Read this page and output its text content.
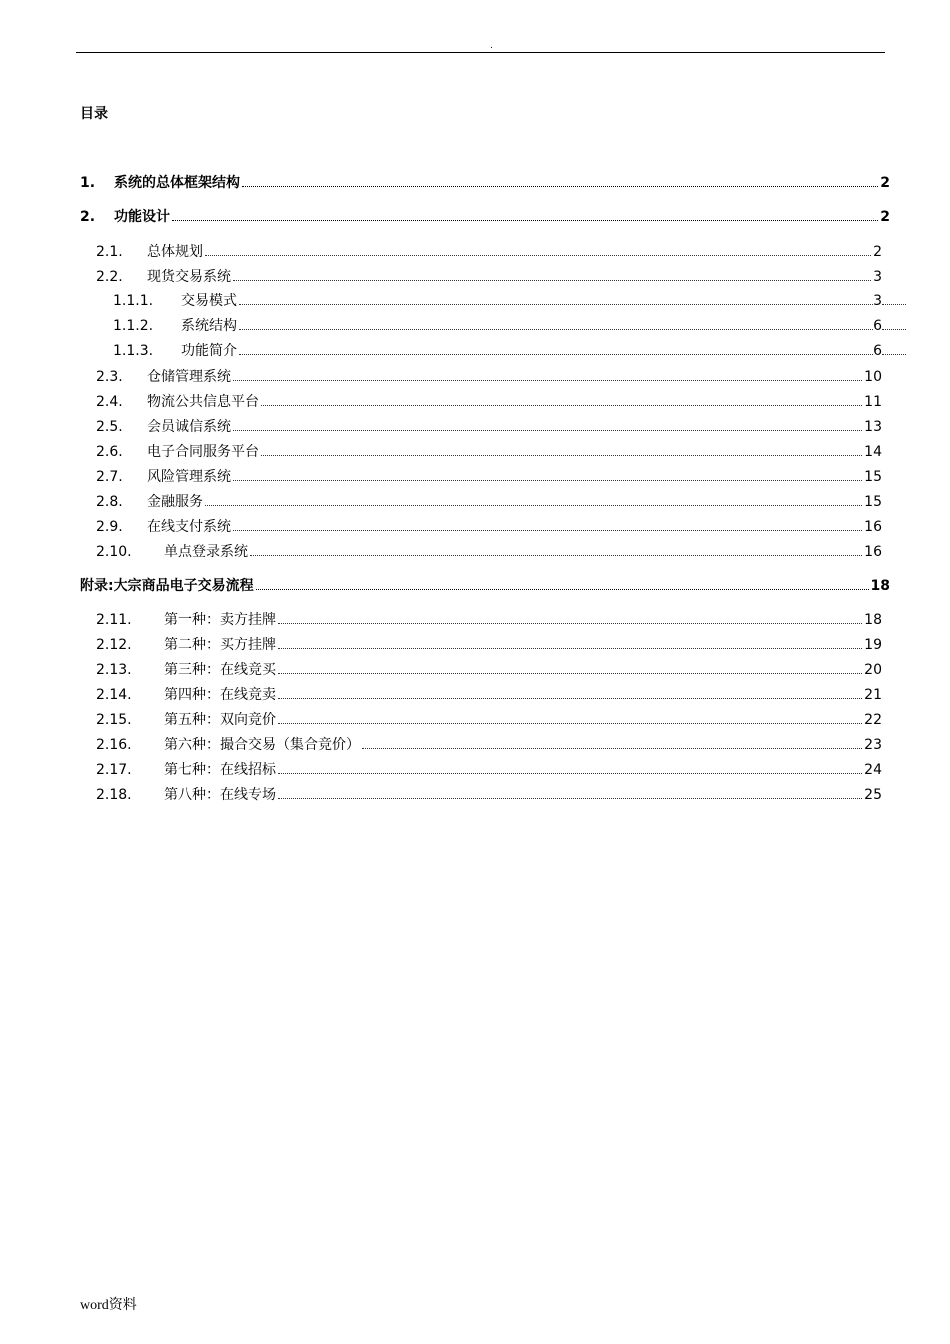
.
目录
1.	系统的总体框架结构	2
2.	功能设计	2
2.1.	总体规划	2
2.2.	现货交易系统	3
1.1.1.	交易模式	3
1.1.2.	系统结构	6
1.1.3.	功能简介	6
2.3.	仓储管理系统	10
2.4.	物流公共信息平台	11
2.5.	会员诚信系统	13
2.6.	电子合同服务平台	14
2.7.	风险管理系统	15
2.8.	金融服务	15
2.9.	在线支付系统	16
2.10.	单点登录系统	16
附录:大宗商品电子交易流程	18
2.11.	第一种：卖方挂牌	18
2.12.	第二种：买方挂牌	19
2.13.	第三种：在线竞买	20
2.14.	第四种：在线竞卖	21
2.15.	第五种：双向竞价	22
2.16.	第六种：撮合交易（集合竞价）	23
2.17.	第七种：在线招标	24
2.18.	第八种：在线专场	25
word资料
